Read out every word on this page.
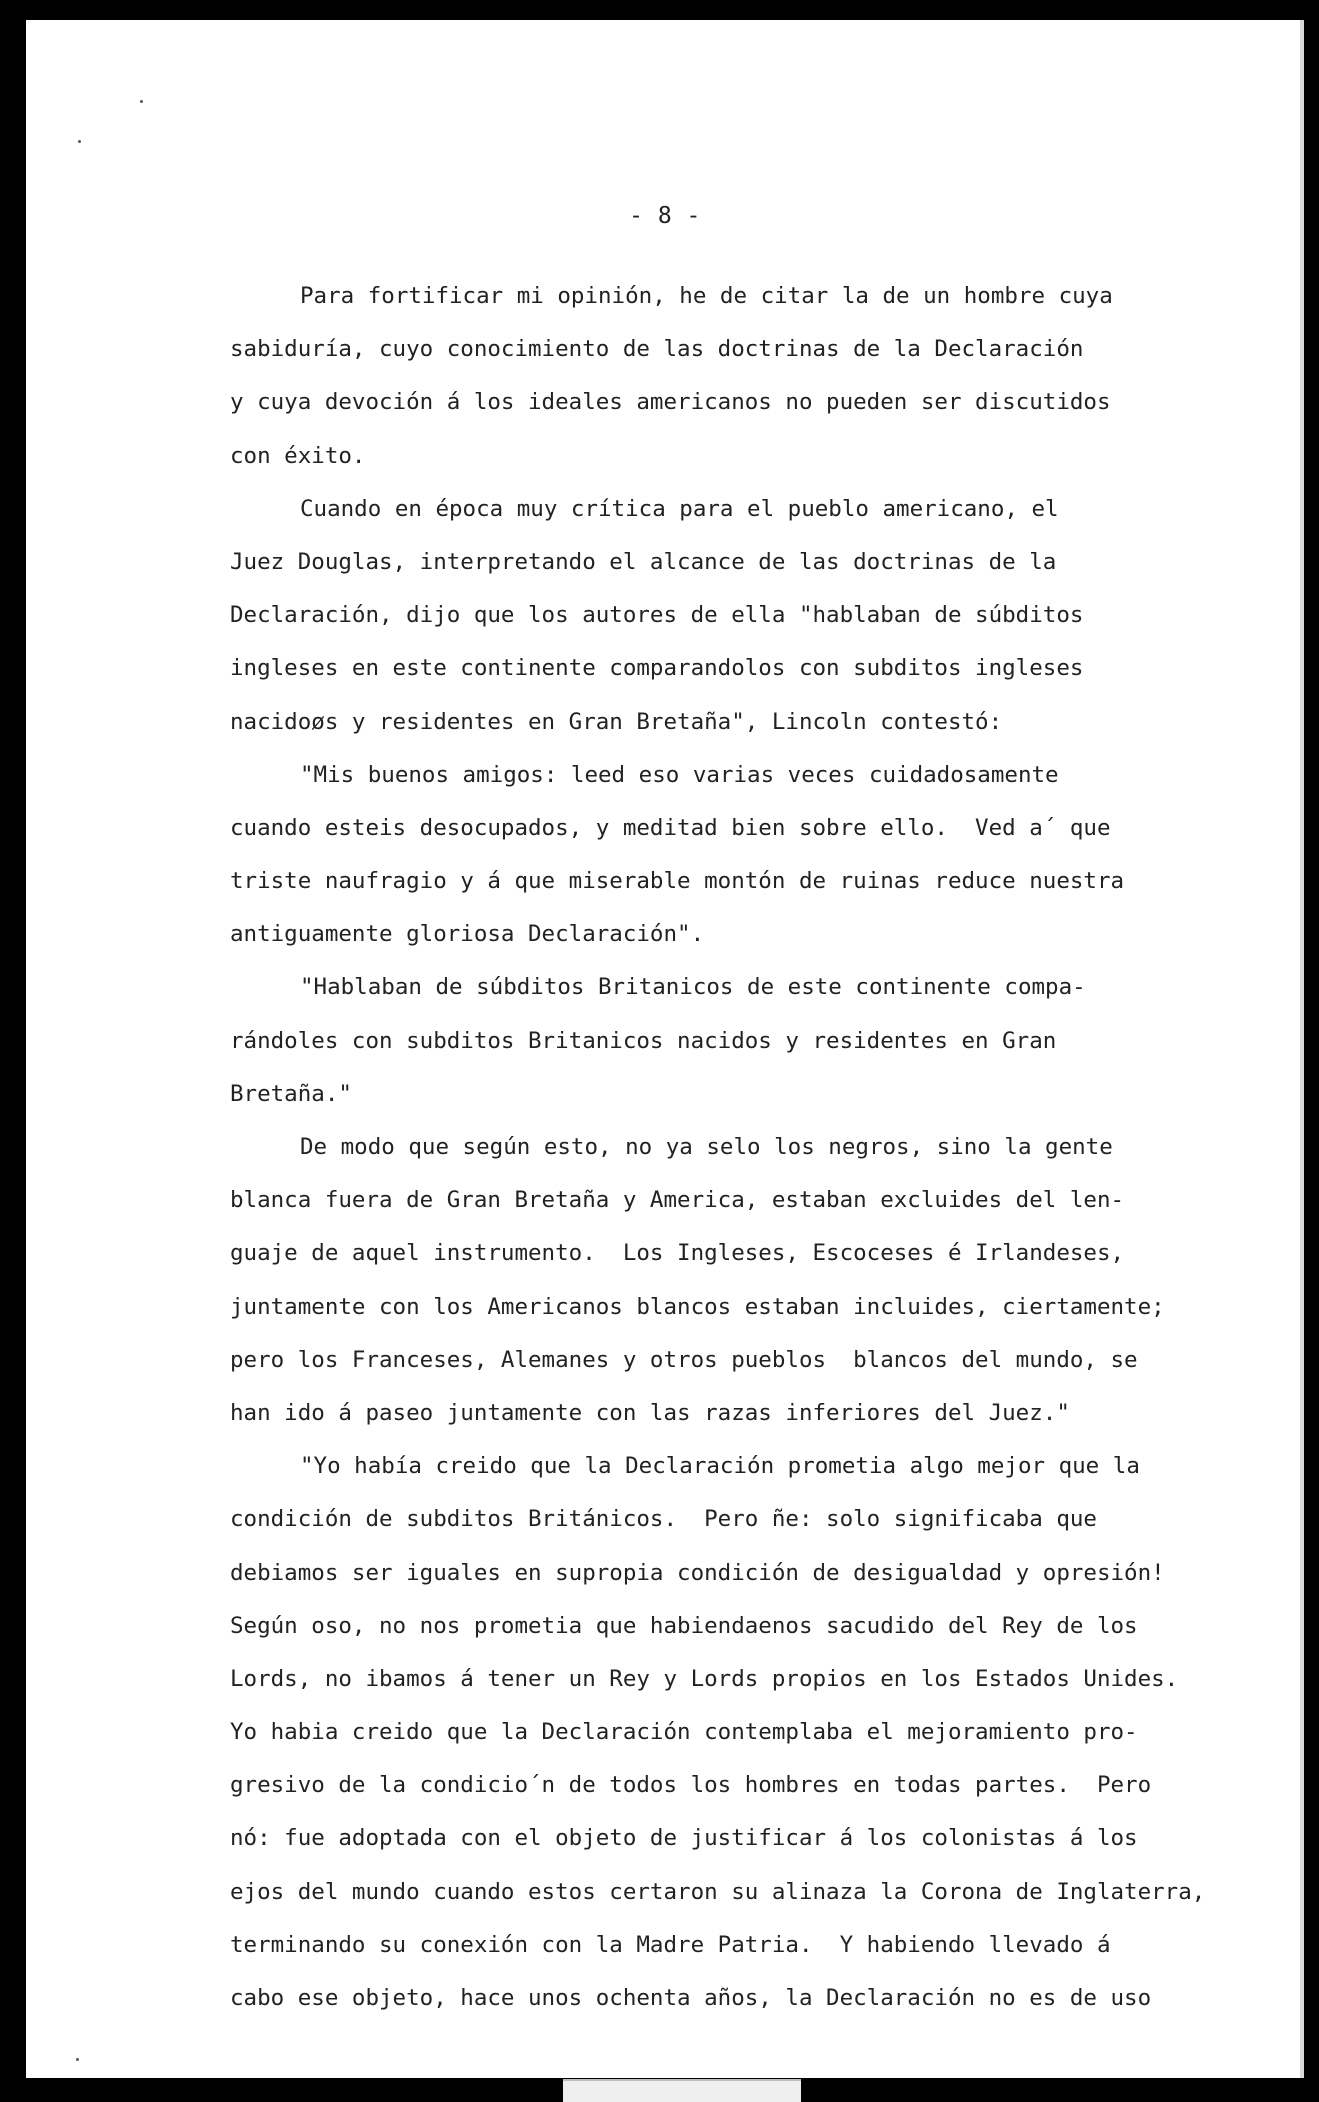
- 8 -
Para fortificar mi opinión, he de citar la de un hombre cuya
sabiduría, cuyo conocimiento de las doctrinas de la Declaración
y cuya devoción á los ideales americanos no pueden ser discutidos
con éxito.
Cuando en época muy crítica para el pueblo americano, el
Juez Douglas, interpretando el alcance de las doctrinas de la
Declaración, dijo que los autores de ella "hablaban de súbditos
ingleses en este continente comparandolos con subditos ingleses
nacidoøs y residentes en Gran Bretaña", Lincoln contestó:
"Mis buenos amigos: leed eso varias veces cuidadosamente
cuando esteis desocupados, y meditad bien sobre ello.  Ved a´ que
triste naufragio y á que miserable montón de ruinas reduce nuestra
antiguamente gloriosa Declaración".
"Hablaban de súbditos Britanicos de este continente compa-
rándoles con subditos Britanicos nacidos y residentes en Gran
Bretaña."
De modo que según esto, no ya selo los negros, sino la gente
blanca fuera de Gran Bretaña y America, estaban excluides del len-
guaje de aquel instrumento.  Los Ingleses, Escoceses é Irlandeses,
juntamente con los Americanos blancos estaban incluides, ciertamente;
pero los Franceses, Alemanes y otros pueblos  blancos del mundo, se
han ido á paseo juntamente con las razas inferiores del Juez."
"Yo había creido que la Declaración prometia algo mejor que la
condición de subditos Británicos.  Pero ñe: solo significaba que
debiamos ser iguales en supropia condición de desigualdad y opresión!
Según oso, no nos prometia que habiendaenos sacudido del Rey de los
Lords, no ibamos á tener un Rey y Lords propios en los Estados Unides.
Yo habia creido que la Declaración contemplaba el mejoramiento pro-
gresivo de la condicio´n de todos los hombres en todas partes.  Pero
nó: fue adoptada con el objeto de justificar á los colonistas á los
ejos del mundo cuando estos certaron su alinaza la Corona de Inglaterra,
terminando su conexión con la Madre Patria.  Y habiendo llevado á
cabo ese objeto, hace unos ochenta años, la Declaración no es de uso
